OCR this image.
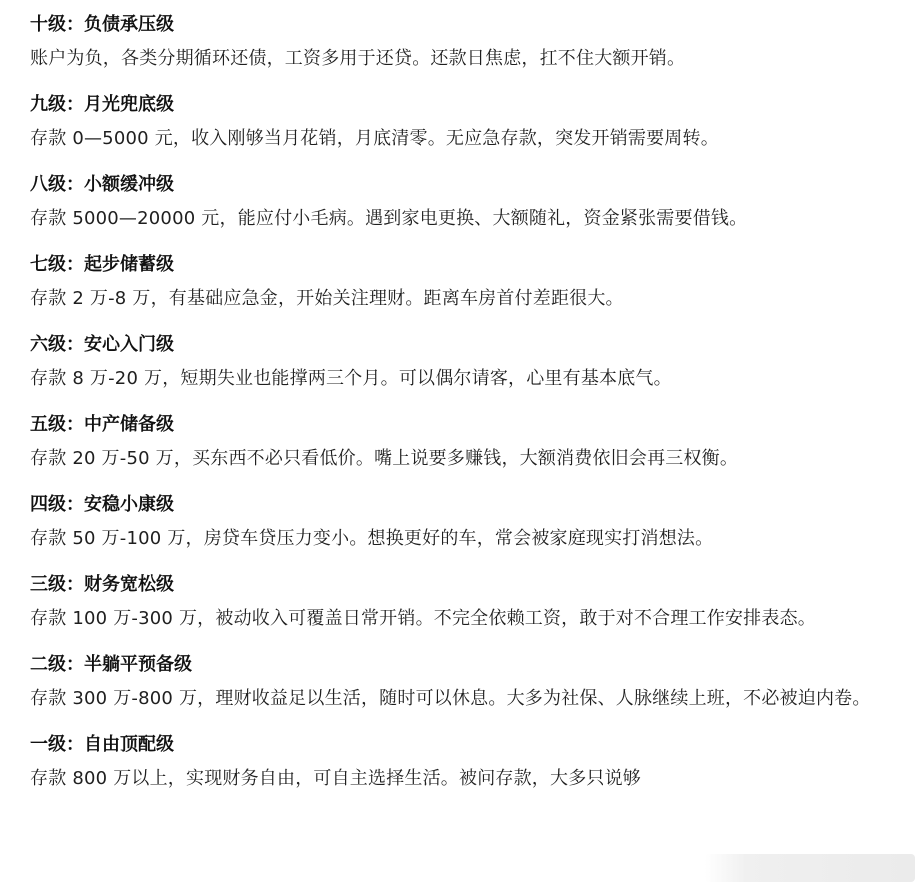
十级：负债承压级
账户为负，各类分期循环还债，工资多用于还贷。还款日焦虑，扛不住大额开销。
九级：月光兜底级
存款 0—5000 元，收入刚够当月花销，月底清零。无应急存款，突发开销需要周转。
八级：小额缓冲级
存款 5000—20000 元，能应付小毛病。遇到家电更换、大额随礼，资金紧张需要借钱。
七级：起步储蓄级
存款 2 万-8 万，有基础应急金，开始关注理财。距离车房首付差距很大。
六级：安心入门级
存款 8 万-20 万，短期失业也能撑两三个月。可以偶尔请客，心里有基本底气。
五级：中产储备级
存款 20 万-50 万，买东西不必只看低价。嘴上说要多赚钱，大额消费依旧会再三权衡。
四级：安稳小康级
存款 50 万-100 万，房贷车贷压力变小。想换更好的车，常会被家庭现实打消想法。
三级：财务宽松级
存款 100 万-300 万，被动收入可覆盖日常开销。不完全依赖工资，敢于对不合理工作安排表态。
二级：半躺平预备级
存款 300 万-800 万，理财收益足以生活，随时可以休息。大多为社保、人脉继续上班，不必被迫内卷。
一级：自由顶配级
存款 800 万以上，实现财务自由，可自主选择生活。被问存款，大多只说够
